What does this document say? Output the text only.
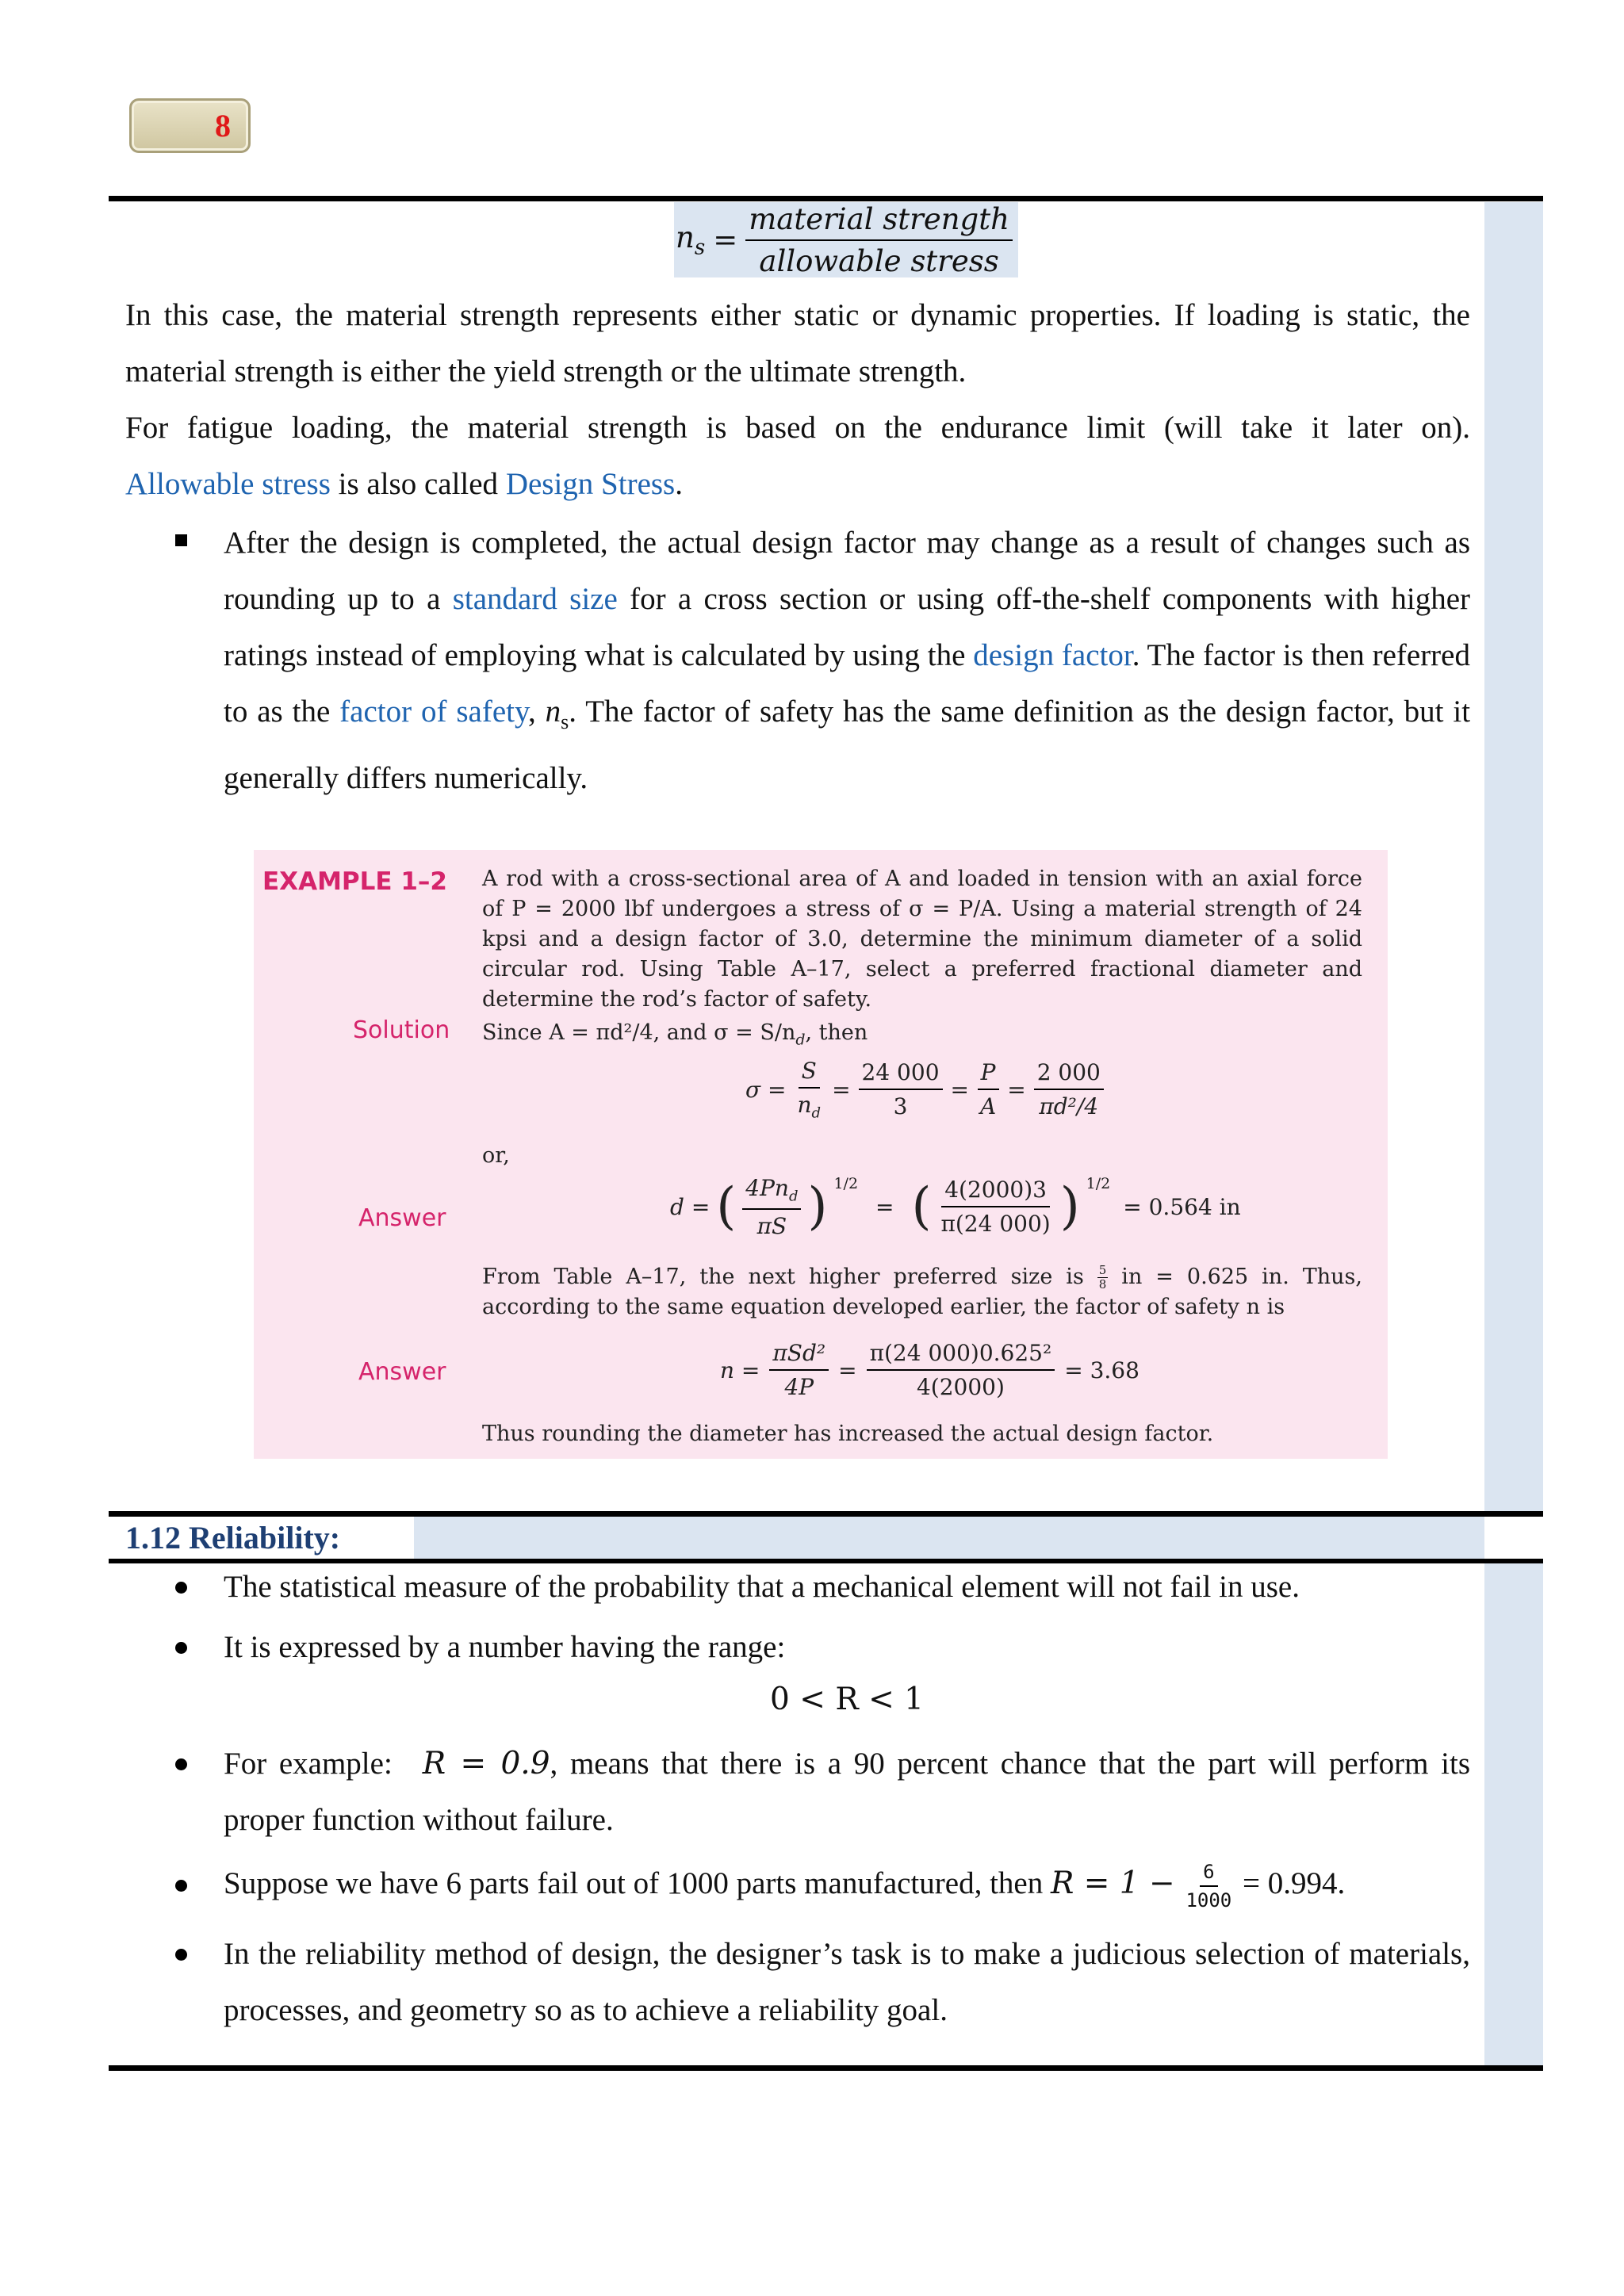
8
$n_s = \frac{\text{material strength}}{\text{allowable stress}}$
In this case, the material strength represents either static or dynamic properties. If loading is static, the
material strength is either the yield strength or the ultimate strength.
For fatigue loading, the material strength is based on the endurance limit (will take it later on).
Allowable stress is also called Design Stress.
After the design is completed, the actual design factor may change as a result of changes such as rounding up to a standard size for a cross section or using off-the-shelf components with higher ratings instead of employing what is calculated by using the design factor. The factor is then referred to as the factor of safety, $n_s$. The factor of safety has the same definition as the design factor, but it generally differs numerically.
EXAMPLE 1–2 A rod with a cross-sectional area of A and loaded in tension with an axial force of P = 2000 lbf undergoes a stress of σ = P/A. Using a material strength of 24 kpsi and a design factor of 3.0, determine the minimum diameter of a solid circular rod. Using Table A–17, select a preferred fractional diameter and determine the rod’s factor of safety.
Solution Since A = πd²/4, and $\sigma = S/n_d$, then
$\sigma = \frac{S}{n_d} = \frac{24 000}{3} = \frac{P}{A} = \frac{2 000}{\text{πd²/4}}$
or,
Answer	d = ( $\frac{4Pn_d}{\pi S}$ ) $^{1/2}$
= ( $\frac{4(2000)3}{\pi(24 000)}$ ) $^{1/2}$
= 0.564 in
From Table A–17, the next higher preferred size is $\frac{5}{8}$ in = 0.625 in. Thus, according to the same equation developed earlier, the factor of safety n is
Answer	$n = \frac{\text{πSd²}}{4P} = \frac{\text{π(24 000)0.625²}}{4(2000)} = 3.68$
Thus rounding the diameter has increased the actual design factor.
1.12 Reliability:
The statistical measure of the probability that a mechanical element will not fail in use.
It is expressed by a number having the range:
0 < R < 1
For example: R = 0.9, means that there is a 90 percent chance that the part will perform its proper function without failure.
Suppose we have 6 parts fail out of 1000 parts manufactured, then $R = 1 - \frac{6}{1000} = 0.994$.
In the reliability method of design, the designer’s task is to make a judicious selection of materials, processes, and geometry so as to achieve a reliability goal.
